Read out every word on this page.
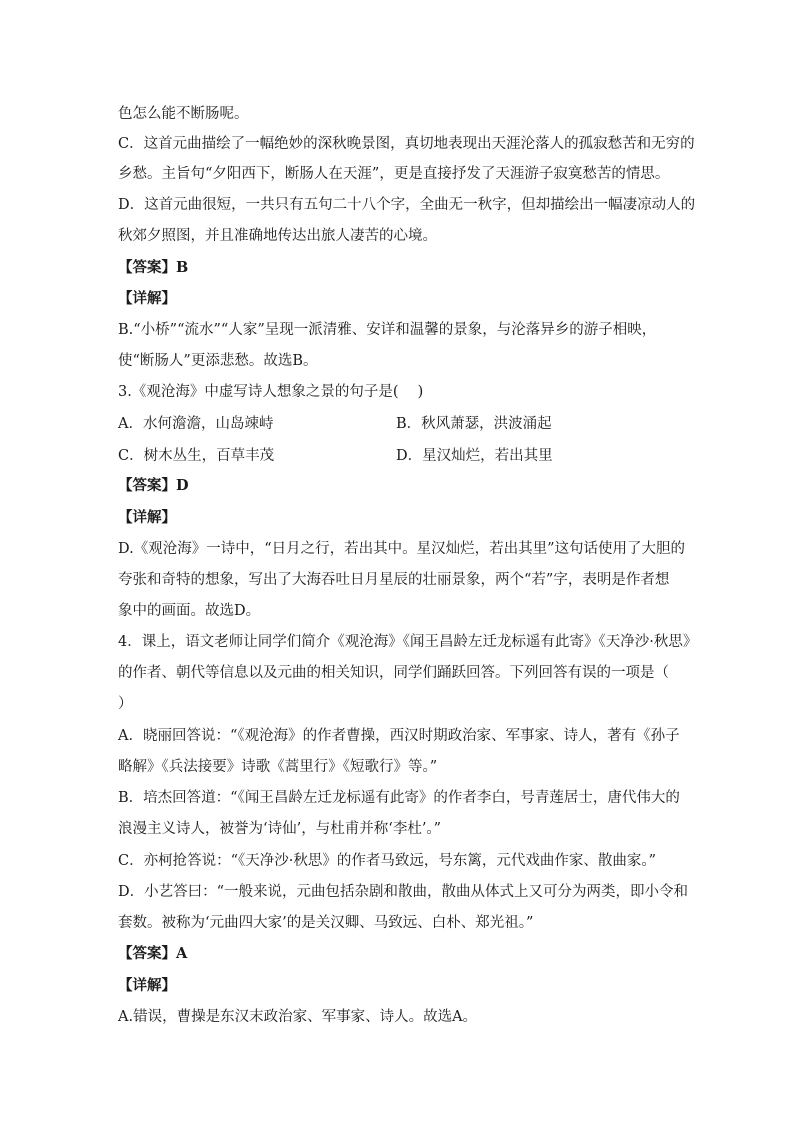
色怎么能不断肠呢。
C．这首元曲描绘了一幅绝妙的深秋晚景图，真切地表现出天涯沦落人的孤寂愁苦和无穷的
乡愁。主旨句“夕阳西下，断肠人在天涯”，更是直接抒发了天涯游子寂寞愁苦的情思。
D．这首元曲很短，一共只有五句二十八个字，全曲无一秋字，但却描绘出一幅凄凉动人的
秋郊夕照图，并且准确地传达出旅人凄苦的心境。
【答案】B
【详解】
B.“小桥”“流水”“人家”呈现一派清雅、安详和温馨的景象，与沦落异乡的游子相映，
使“断肠人”更添悲愁。故选B。
3.《观沧海》中虚写诗人想象之景的句子是(　 )
A．水何澹澹，山岛竦峙	B．秋风萧瑟，洪波涌起
C．树木丛生，百草丰茂	D．星汉灿烂，若出其里
【答案】D
【详解】
D.《观沧海》一诗中，“日月之行，若出其中。星汉灿烂，若出其里”这句话使用了大胆的
夸张和奇特的想象，写出了大海吞吐日月星辰的壮丽景象，两个“若”字，表明是作者想
象中的画面。故选D。
4．课上，语文老师让同学们简介《观沧海》《闻王昌龄左迁龙标遥有此寄》《天净沙·秋思》
的作者、朝代等信息以及元曲的相关知识，同学们踊跃回答。下列回答有误的一项是（
）
A．晓丽回答说：“《观沧海》的作者曹操，西汉时期政治家、军事家、诗人，著有《孙子
略解》《兵法接要》诗歌《蒿里行》《短歌行》等。”
B．培杰回答道：“《闻王昌龄左迁龙标遥有此寄》的作者李白，号青莲居士，唐代伟大的
浪漫主义诗人，被誉为‘诗仙’，与杜甫并称‘李杜’。”
C．亦柯抢答说：“《天净沙·秋思》的作者马致远，号东篱，元代戏曲作家、散曲家。”
D．小艺答曰：“一般来说，元曲包括杂剧和散曲，散曲从体式上又可分为两类，即小令和
套数。被称为‘元曲四大家’的是关汉卿、马致远、白朴、郑光祖。”
【答案】A
【详解】
A.错误，曹操是东汉末政治家、军事家、诗人。故选A。
